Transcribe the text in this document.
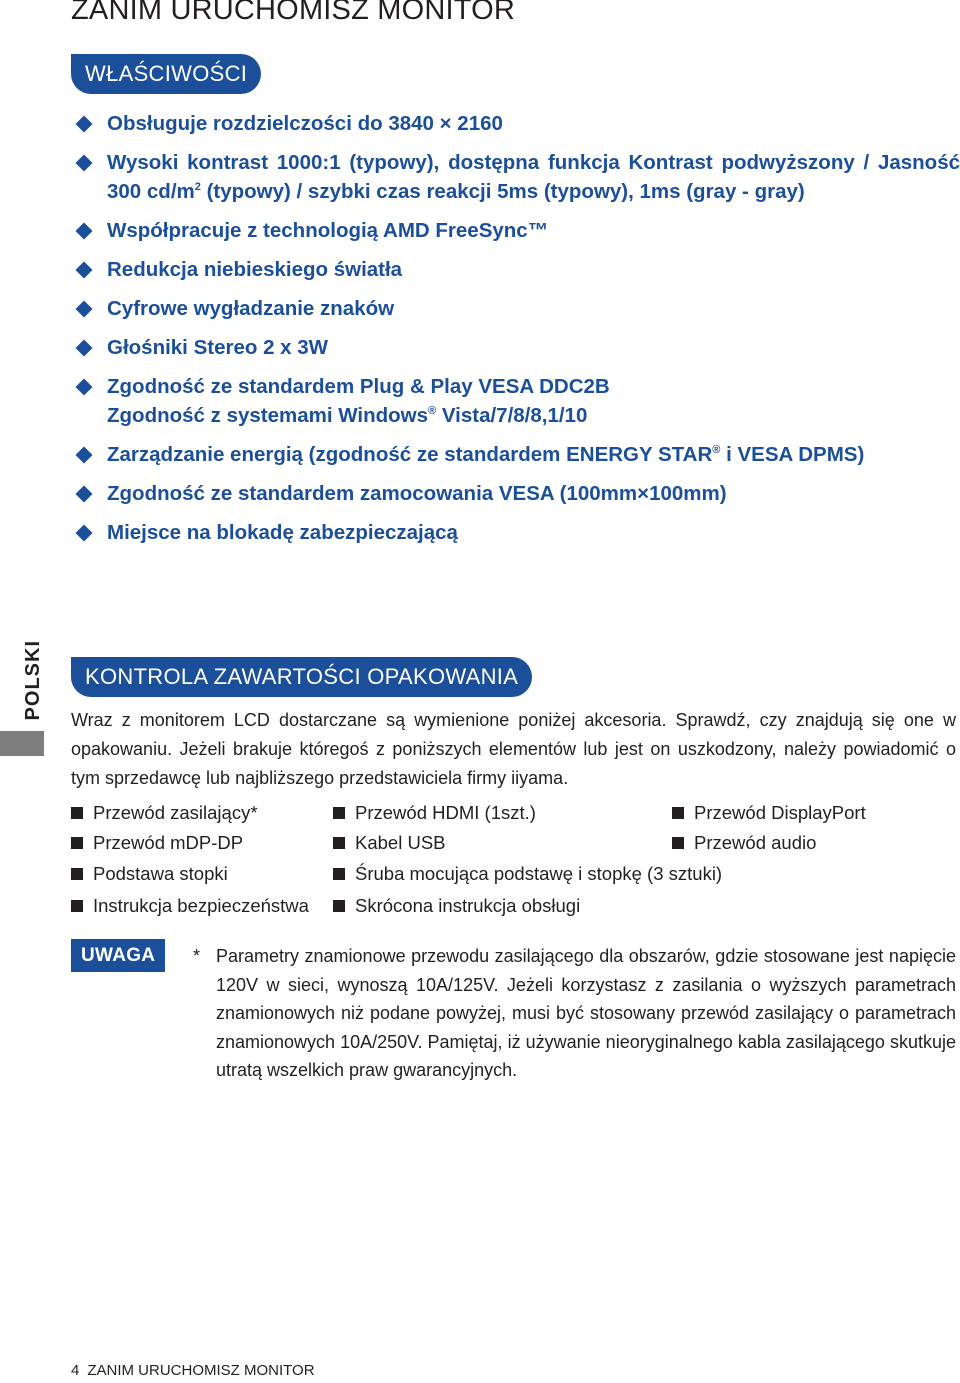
ZANIM URUCHOMISZ MONITOR
WŁAŚCIWOŚCI
Obsługuje rozdzielczości do 3840 × 2160
Wysoki kontrast 1000:1 (typowy), dostępna funkcja Kontrast podwyższony / Jasność 300 $cd/m^2$ (typowy) / szybki czas reakcji 5ms (typowy), 1ms (gray - gray)
Współpracuje z technologią AMD FreeSync™
Redukcja niebieskiego światła
Cyfrowe wygładzanie znaków
Głośniki Stereo 2 x 3W
Zgodność ze standardem Plug & Play VESA DDC2B
Zgodność z systemami Windows® Vista/7/8/8,1/10
Zarządzanie energią (zgodność ze standardem ENERGY STAR® i VESA DPMS)
Zgodność ze standardem zamocowania VESA (100mm×100mm)
Miejsce na blokadę zabezpieczającą
POLSKI	KONTROLA ZAWARTOŚCI OPAKOWANIA

Wraz z monitorem LCD dostarczane są wymienione poniżej akcesoria. Sprawdź, czy znajdują się one w opakowaniu. Jeżeli brakuje któregoś z poniższych elementów lub jest on uszkodzony, należy powiadomić o tym sprzedawcę lub najbliższego przedstawiciela firmy iiyama.

Przewód zasilający*	Przewód HDMI (1szt.)	Przewód DisplayPort
Przewód mDP-DP	Kabel USB	Przewód audio
Podstawa stopki	Śruba mocująca podstawę i stopkę (3 sztuki)
Instrukcja bezpieczeństwa	Skrócona instrukcja obsługi
UWAGA	* Parametry znamionowe przewodu zasilającego dla obszarów, gdzie stosowane jest napięcie 120V w sieci, wynoszą 10A/125V. Jeżeli korzystasz z zasilania o wyższych parametrach znamionowych niż podane powyżej, musi być stosowany przewód zasilający o parametrach znamionowych 10A/250V. Pamiętaj, iż używanie nieoryginalnego kabla zasilającego skutkuje utratą wszelkich praw gwarancyjnych.

4 ZANIM URUCHOMISZ MONITOR
